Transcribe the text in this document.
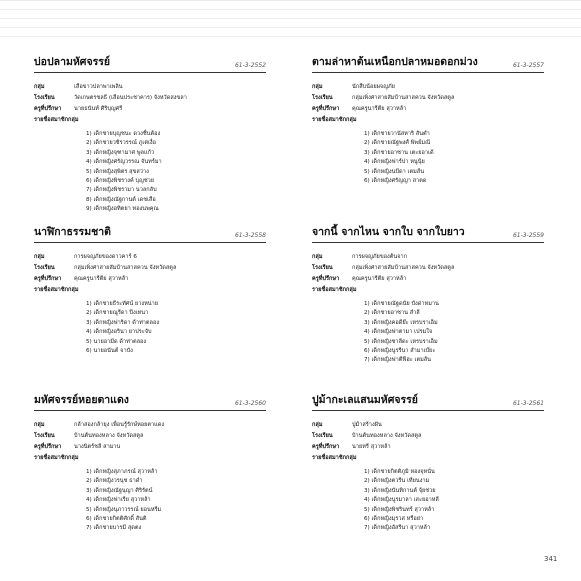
บ่อปลามหัศจรรย์	61-3-2552
กลุ่ม	เสือขาวปลาพาเพลิน
โรงเรียน	วัดเกษตรชลธี (เลือนประชาคาร) จังหวัดสงขลา
ครูที่ปรึกษา	นายธนันท์ ศิริบุญศรี
รายชื่อสมาชิกกลุ่ม
1) เด็กชายบุญชนะ ดวงชื่นต้อง
2) เด็กชายวชิรวรรณ์ ภูเต่เงื่อ
3) เด็กหญิงจุฑามาศ พูลแก้ว
4) เด็กหญิงศรัญวรรณ จันทร์มา
5) เด็กหญิงสุพิตร สุขสว่าง
6) เด็กหญิงพิชรางค์ บุญช่วย
7) เด็กหญิงพิชรามา นวลกลับ
8) เด็กหญิงณัฐกานต์ เดชเสือ
9) เด็กหญิงอทิตยา ทองนพคุณ
ตามล่าหาต้นเหนือกปลาหมอดอกม่วง	61-3-2557
กลุ่ม	นักสืบน้อยผจญภัย
โรงเรียน	กลุ่มเพิ่งศาสายสัมบ้านสาสควน จังหวัดสตูล
ครูที่ปรึกษา	คุณครูนารีตีย สุวาหล้า
รายชื่อสมาชิกกลุ่ม
1) เด็กชายวานัสหาริ สันตำ
2) เด็กชายณัฐพงศ์ พิพย์มณี
3) เด็กชายอาซาน เตะยอาเด้
4) เด็กหญิงฟาร์ปา หนูนุ้ย
5) เด็กหญิงนบีดา เตมส์น
6) เด็กหญิงศรัญญา สาตด
นาฬิกาธรรมชาติ	61-3-2558
กลุ่ม	การผจญภัยของดาวคาร์ 6
โรงเรียน	กลุ่มเพิ่งศาสายสัมบ้านสาสควน จังหวัดสตูล
ครูที่ปรึกษา	คุณครูนารีตีย สุวาหล้า
รายชื่อสมาชิกกลุ่ม
1) เด็กชายธีระทัศน์ ยางหน่าย
2) เด็กชายณูรีดา ปีงเทนา
3) เด็กหญิงฟาริดา ด้าท่าตลอง
4) เด็กหญิงอรินา ยาประจับ
5) นายอามีด ด้าท่าตลอง
6) นายอนันต์ จาบัง
จากนี้ จากไหน จากใบ จากใบยาว	61-3-2559
กลุ่ม	การผจญภัยของต้นจาก
โรงเรียน	กลุ่มเพิ่งศาสายสัมบ้านสาสควน จังหวัดสตูล
ครูที่ปรึกษา	คุณครูนารีตีย สุวาหล้า
รายชื่อสมาชิกกลุ่ม
1) เด็กชายณัฐดนัย บังด่าหมาน
2) เด็กชายอาซาน สำลี
3) เด็กหญิงคอดีย๊ะ เหรบราเอ็ม
4) เด็กหญิงฟาตามา เปรมใจ
5) เด็กหญิงชาลีดะ เหรบราเอ็ม
6) เด็กหญิงนูรรีนา สำมาเบ๊ยะ
7) เด็กหญิงฟาตีฟีฮะ เตมส์น
มหัศจรรย์หอยตาแดง	61-3-2560
กลุ่ม	กล้าสองกล้ายุง เพื่อนรู้รักษ์หอยตาแดง
โรงเรียน	บ้านต้นทองหลาง จังหวัดสตูล
ครูที่ปรึกษา	นางนิตร์ชลี สามาน
รายชื่อสมาชิกกลุ่ม
1) เด็กหญิงสุภาภรณ์ สุวาหล้า
2) เด็กหญิงวรนุช ธาดำ
3) เด็กหญิงณัฐนุญา ศิริรัตน์
4) เด็กหญิงฟาเรีย สุวาหล้า
5) เด็กหญิงนุภาวรรณ์ ยอนหรีม
6) เด็กชายกิตติศักดิ์ สันติ
7) เด็กชายบารมี สุดตง
ปูม้ากะเลแสนมหัศจรรย์	61-3-2561
กลุ่ม	ปูม้าสร้างฝัน
โรงเรียน	บ้านต้นทองหลาง จังหวัดสตูล
ครูที่ปรึกษา	นายหรี สุวาหล้า
รายชื่อสมาชิกกลุ่ม
1) เด็กชายกิตติภูมิ หองจุหนั่น
2) เด็กหญิงตวรีน เทียนงาม
3) เด็กหญิงนันทิกานต์ จุ้ยช่วย
4) เด็กหญิงนูรมาลา เสะยอาหลี
5) เด็กหญิงพิชรินทร์ สุวาหล้า
6) เด็กหญิงมุรวส หรือย่า
7) เด็กหญิงอัสรีนา สุวาหล้า
341
